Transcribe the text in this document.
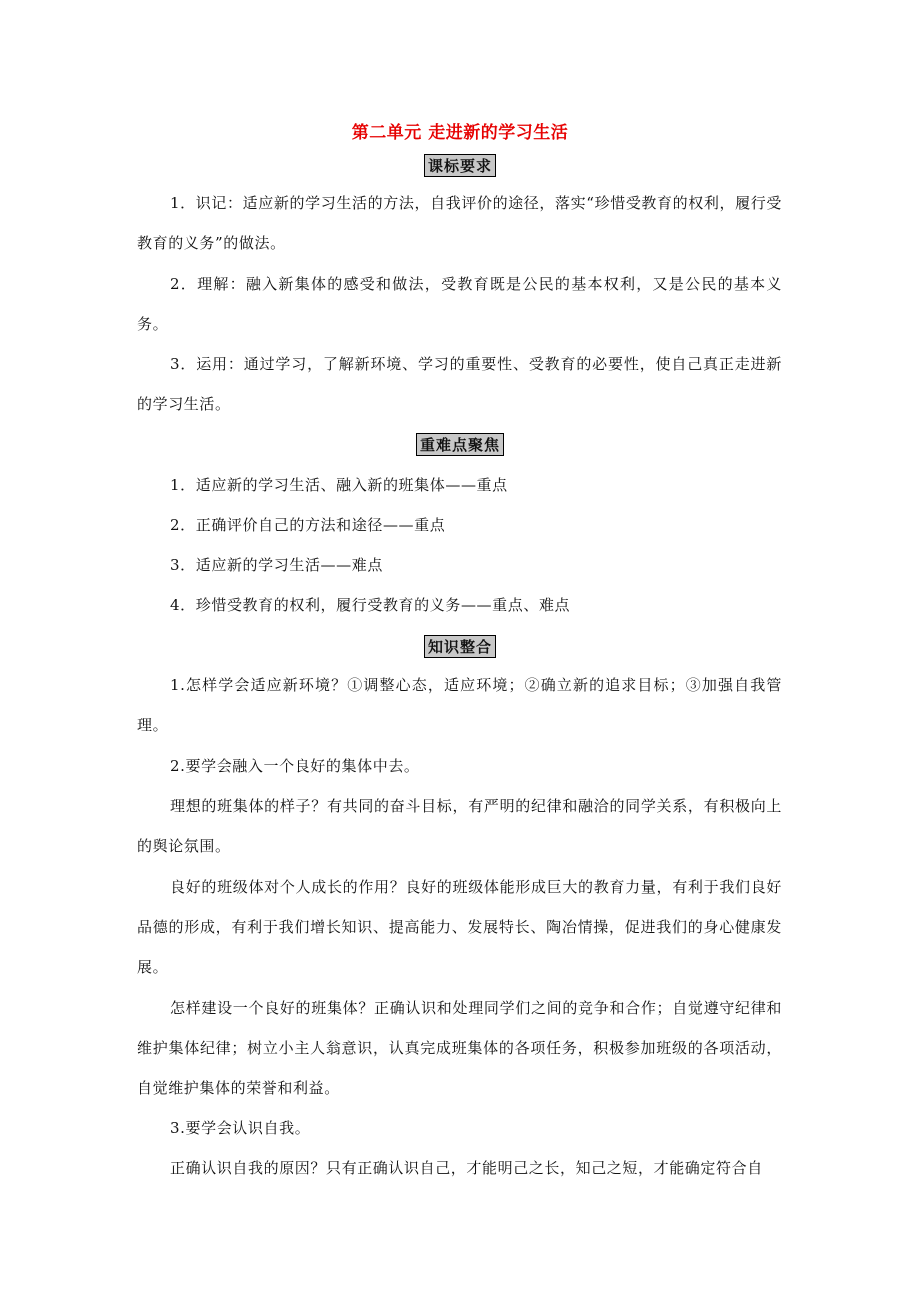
第二单元 走进新的学习生活
课标要求
1．识记：适应新的学习生活的方法，自我评价的途径，落实“珍惜受教育的权利，履行受教育的义务”的做法。
2．理解：融入新集体的感受和做法，受教育既是公民的基本权利，又是公民的基本义务。
3．运用：通过学习，了解新环境、学习的重要性、受教育的必要性，使自己真正走进新的学习生活。
重难点聚焦
1．适应新的学习生活、融入新的班集体——重点
2．正确评价自己的方法和途径——重点
3．适应新的学习生活——难点
4．珍惜受教育的权利，履行受教育的义务——重点、难点
知识整合
1.怎样学会适应新环境？①调整心态，适应环境；②确立新的追求目标；③加强自我管理。
2.要学会融入一个良好的集体中去。
理想的班集体的样子？有共同的奋斗目标，有严明的纪律和融洽的同学关系，有积极向上的舆论氛围。
良好的班级体对个人成长的作用？良好的班级体能形成巨大的教育力量，有利于我们良好品德的形成，有利于我们增长知识、提高能力、发展特长、陶冶情操，促进我们的身心健康发展。
怎样建设一个良好的班集体？正确认识和处理同学们之间的竞争和合作；自觉遵守纪律和维护集体纪律；树立小主人翁意识，认真完成班集体的各项任务，积极参加班级的各项活动，自觉维护集体的荣誉和利益。
3.要学会认识自我。
正确认识自我的原因？只有正确认识自己，才能明己之长，知己之短，才能确定符合自
